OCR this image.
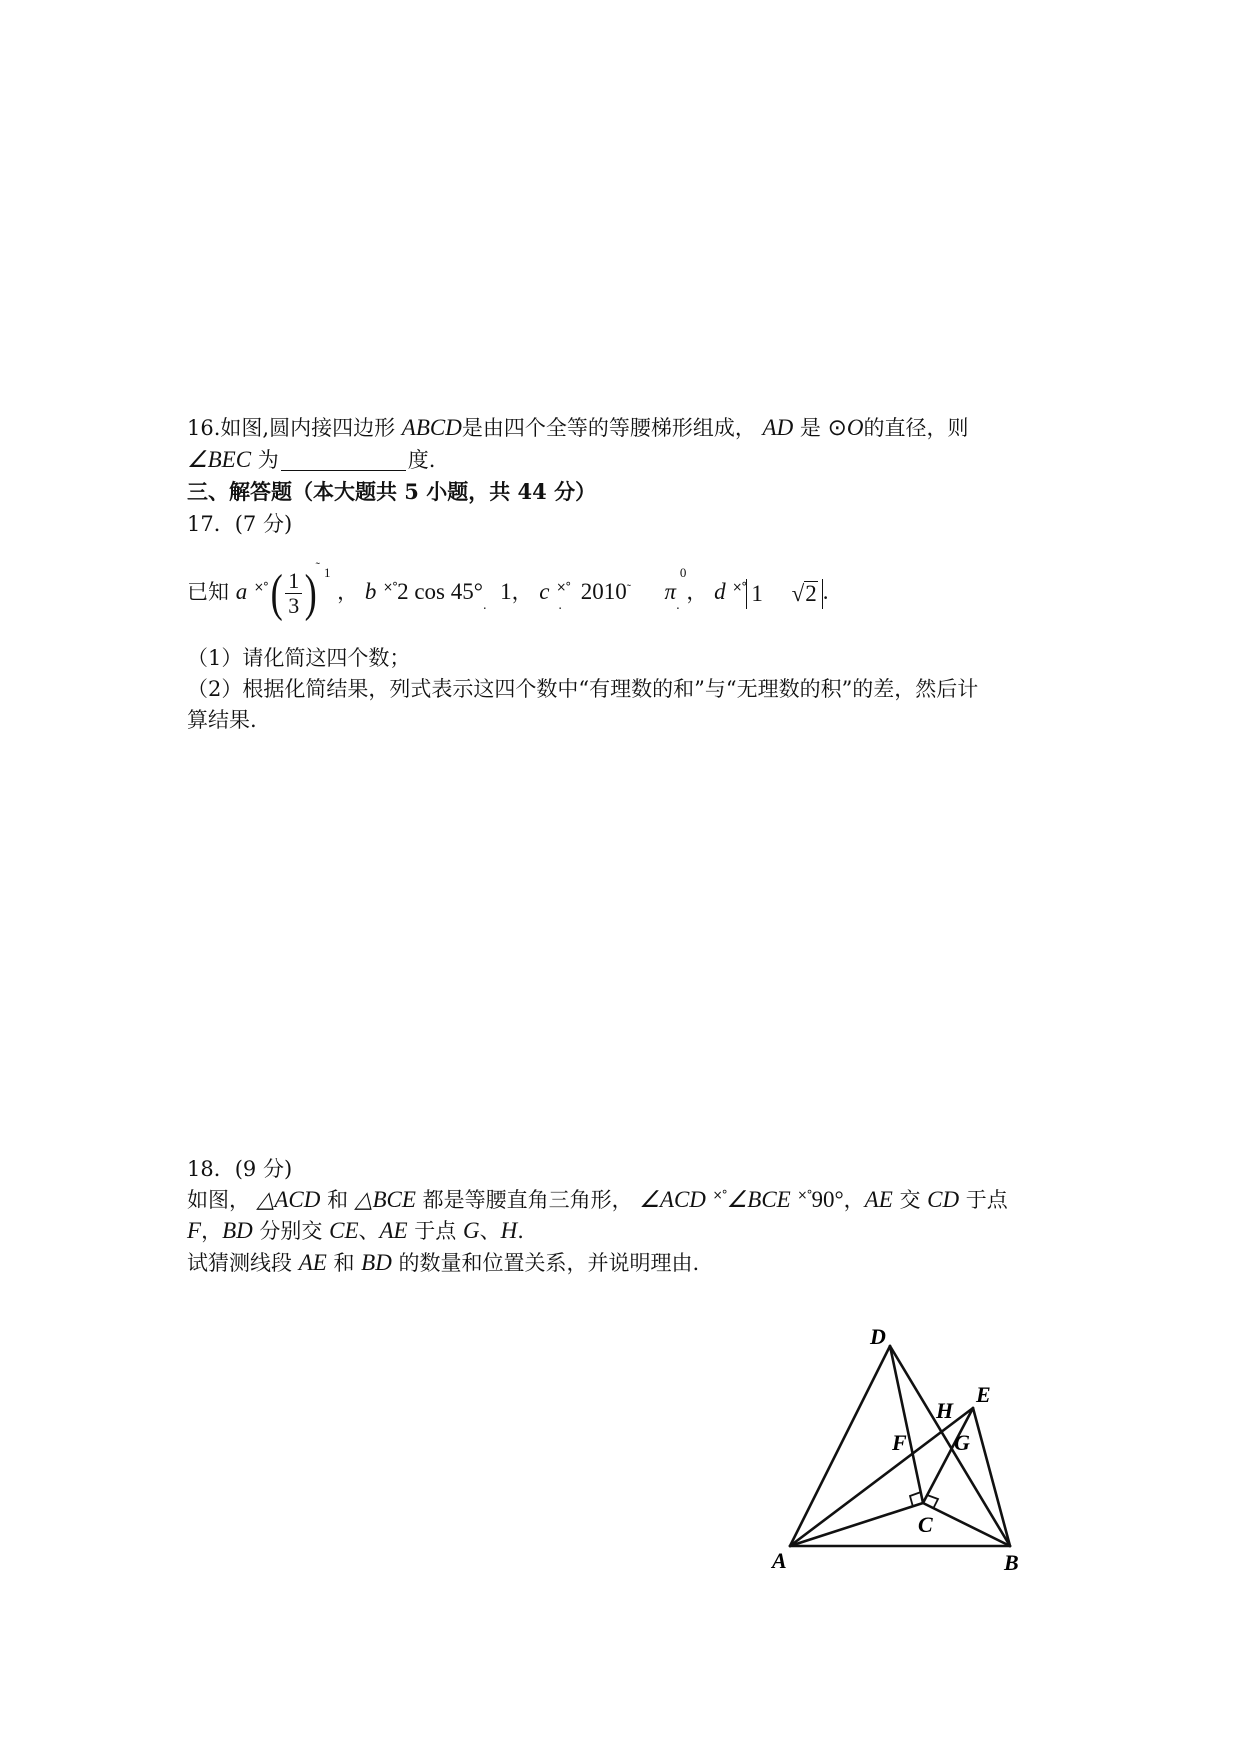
16.如图,圆内接四边形 ABCD是由四个全等的等腰梯形组成， AD 是 ⊙O的直径，则
∠BEC 为	度.
三、解答题（本大题共 5 小题，共 44 分）
17．(7 分)
已知 a $^{\times^\circ}( \frac{1}{3} )^˜$ $^1$ ， b ×°2 $\cos 45^\circ_.$  1， c ×°$_.$ 2010˜ $\pi_.^0$， d ×° 1     √2 .
（1）请化简这四个数；
（2）根据化简结果，列式表示这四个数中“有理数的和”与“无理数的积”的差，然后计
算结果.
18．(9 分)
如图， △ACD 和 △BCE 都是等腰直角三角形， ∠ACD ×°∠BCE ×°90°，AE 交 CD 于点
F，BD 分别交 CE、AE 于点 G、H.
试猜测线段 AE 和 BD 的数量和位置关系，并说明理由.
A	B
C
D
E
F G
H
